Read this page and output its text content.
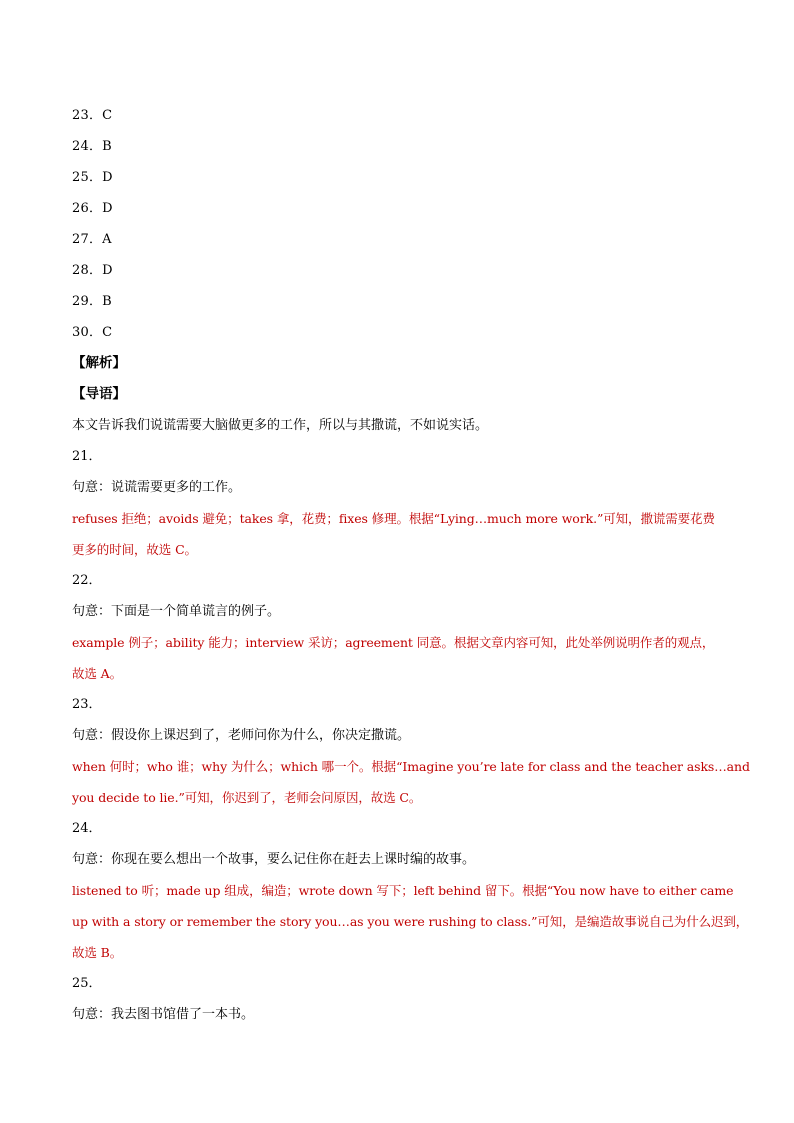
23．C
24．B
25．D
26．D
27．A
28．D
29．B
30．C
【解析】
【导语】
本文告诉我们说谎需要大脑做更多的工作，所以与其撒谎，不如说实话。
21．
句意：说谎需要更多的工作。
refuses 拒绝；avoids 避免；takes 拿，花费；fixes 修理。根据“Lying…much more work.”可知，撒谎需要花费
更多的时间，故选 C。
22．
句意：下面是一个简单谎言的例子。
example 例子；ability 能力；interview 采访；agreement 同意。根据文章内容可知，此处举例说明作者的观点，
故选 A。
23．
句意：假设你上课迟到了，老师问你为什么，你决定撒谎。
when 何时；who 谁；why 为什么；which 哪一个。根据“Imagine you’re late for class and the teacher asks…and
you decide to lie.”可知，你迟到了，老师会问原因，故选 C。
24．
句意：你现在要么想出一个故事，要么记住你在赶去上课时编的故事。
listened to 听；made up 组成，编造；wrote down 写下；left behind 留下。根据“You now have to either came
up with a story or remember the story you…as you were rushing to class.”可知，是编造故事说自己为什么迟到，
故选 B。
25．
句意：我去图书馆借了一本书。
